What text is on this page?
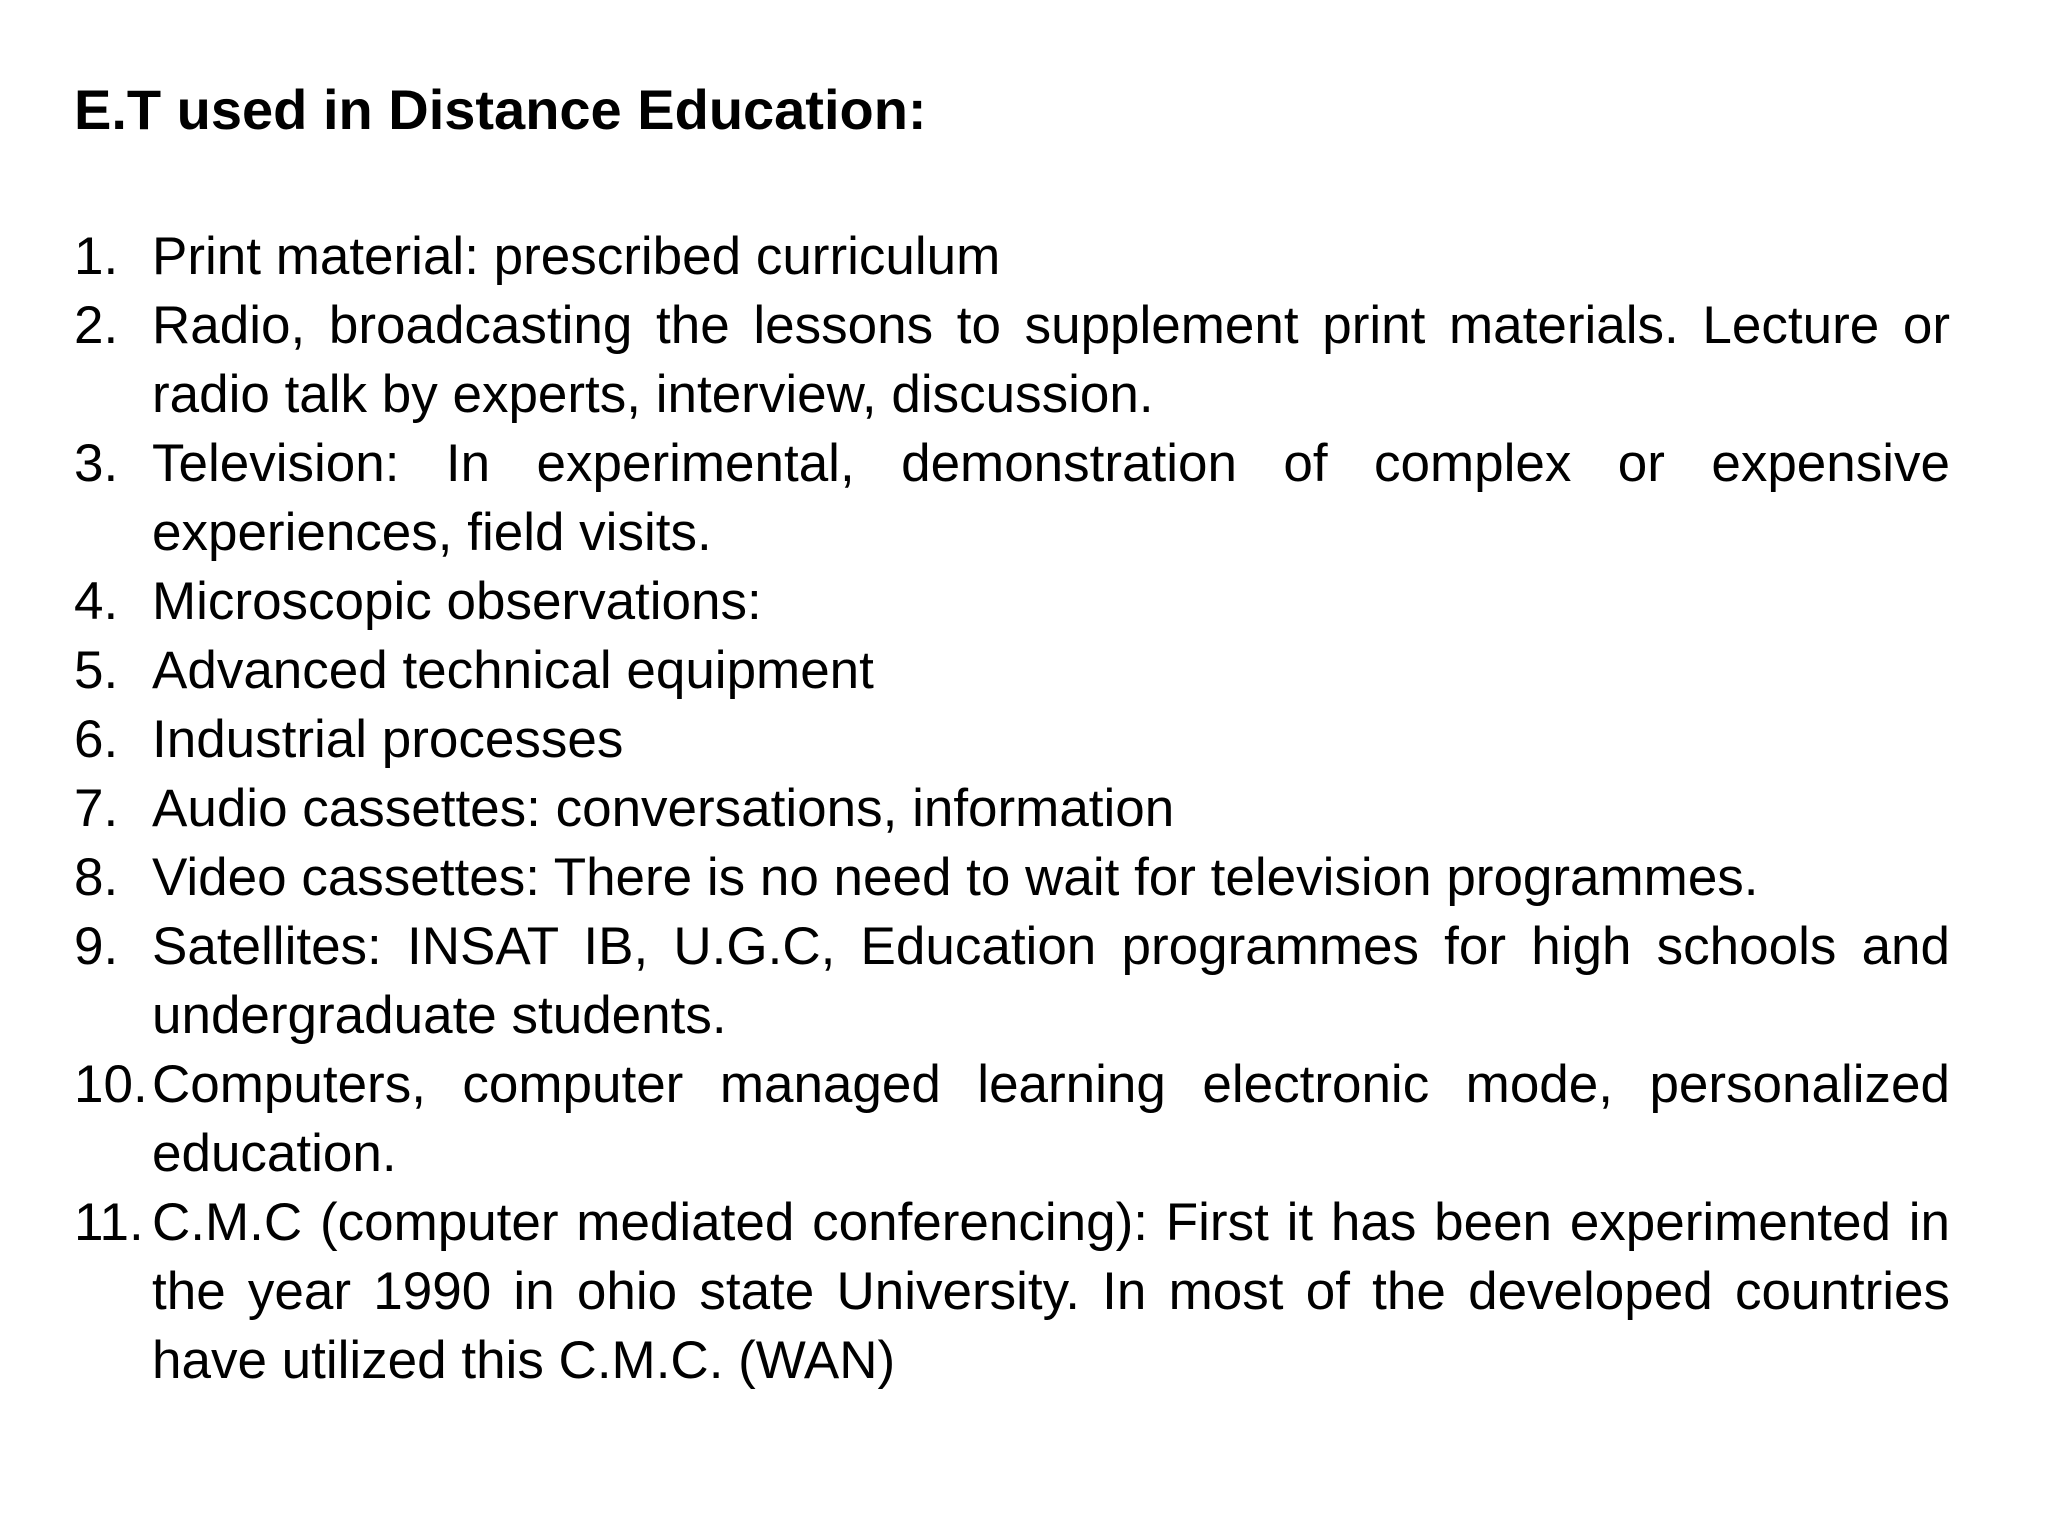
E.T used in Distance Education:
1. Print material: prescribed curriculum
2. Radio, broadcasting the lessons to supplement print materials. Lecture or radio talk by experts, interview, discussion.
3. Television: In experimental, demonstration of complex or expensive experiences, field visits.
4. Microscopic observations:
5. Advanced technical equipment
6. Industrial processes
7. Audio cassettes: conversations, information
8. Video cassettes: There is no need to wait for television programmes.
9. Satellites: INSAT IB, U.G.C, Education programmes for high schools and undergraduate students.
10. Computers, computer managed learning electronic mode, personalized education.
11. C.M.C (computer mediated conferencing): First it has been experimented in the year 1990 in ohio state University. In most of the developed countries have utilized this C.M.C. (WAN)
